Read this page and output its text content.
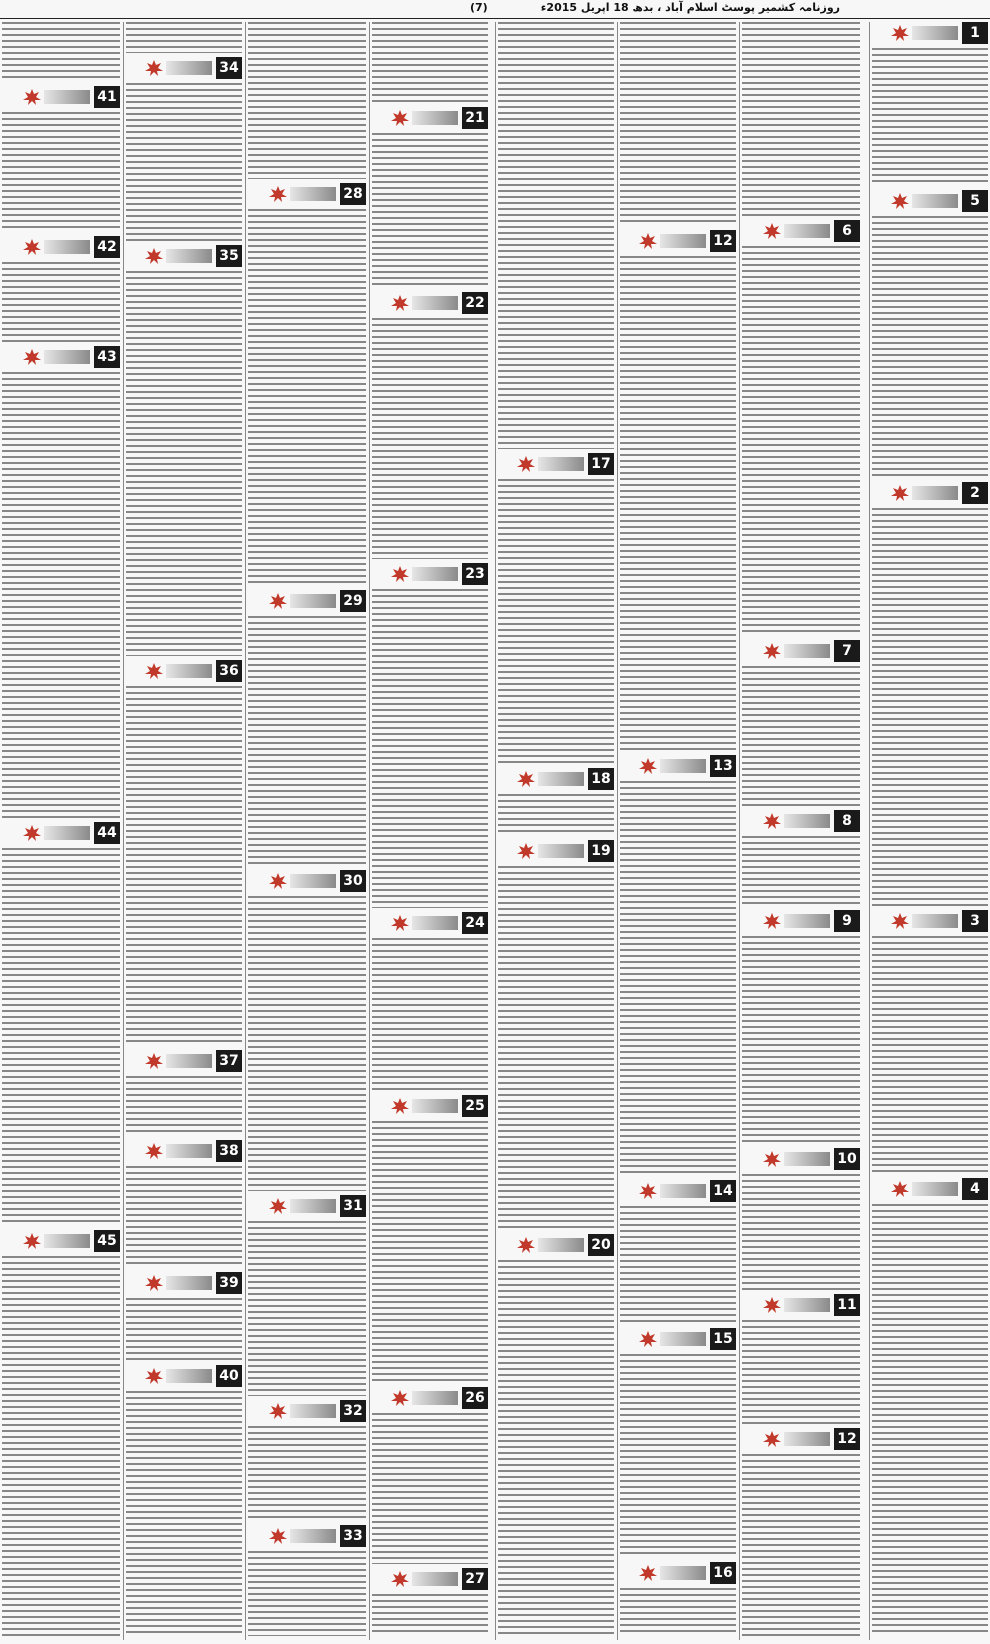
(7)	روزنامہ کشمیر پوسٹ اسلام آباد ، بدھ 18 اپریل 2015ء
1
5
2
3
4
6
7
8
9
10
11
12
12
13
14
15
16
17
18
19
20
21
22
23
24
25
26
27
28
29
30
31
32
33
34
35
36
37
38
39
40
41
42
43
44
45
